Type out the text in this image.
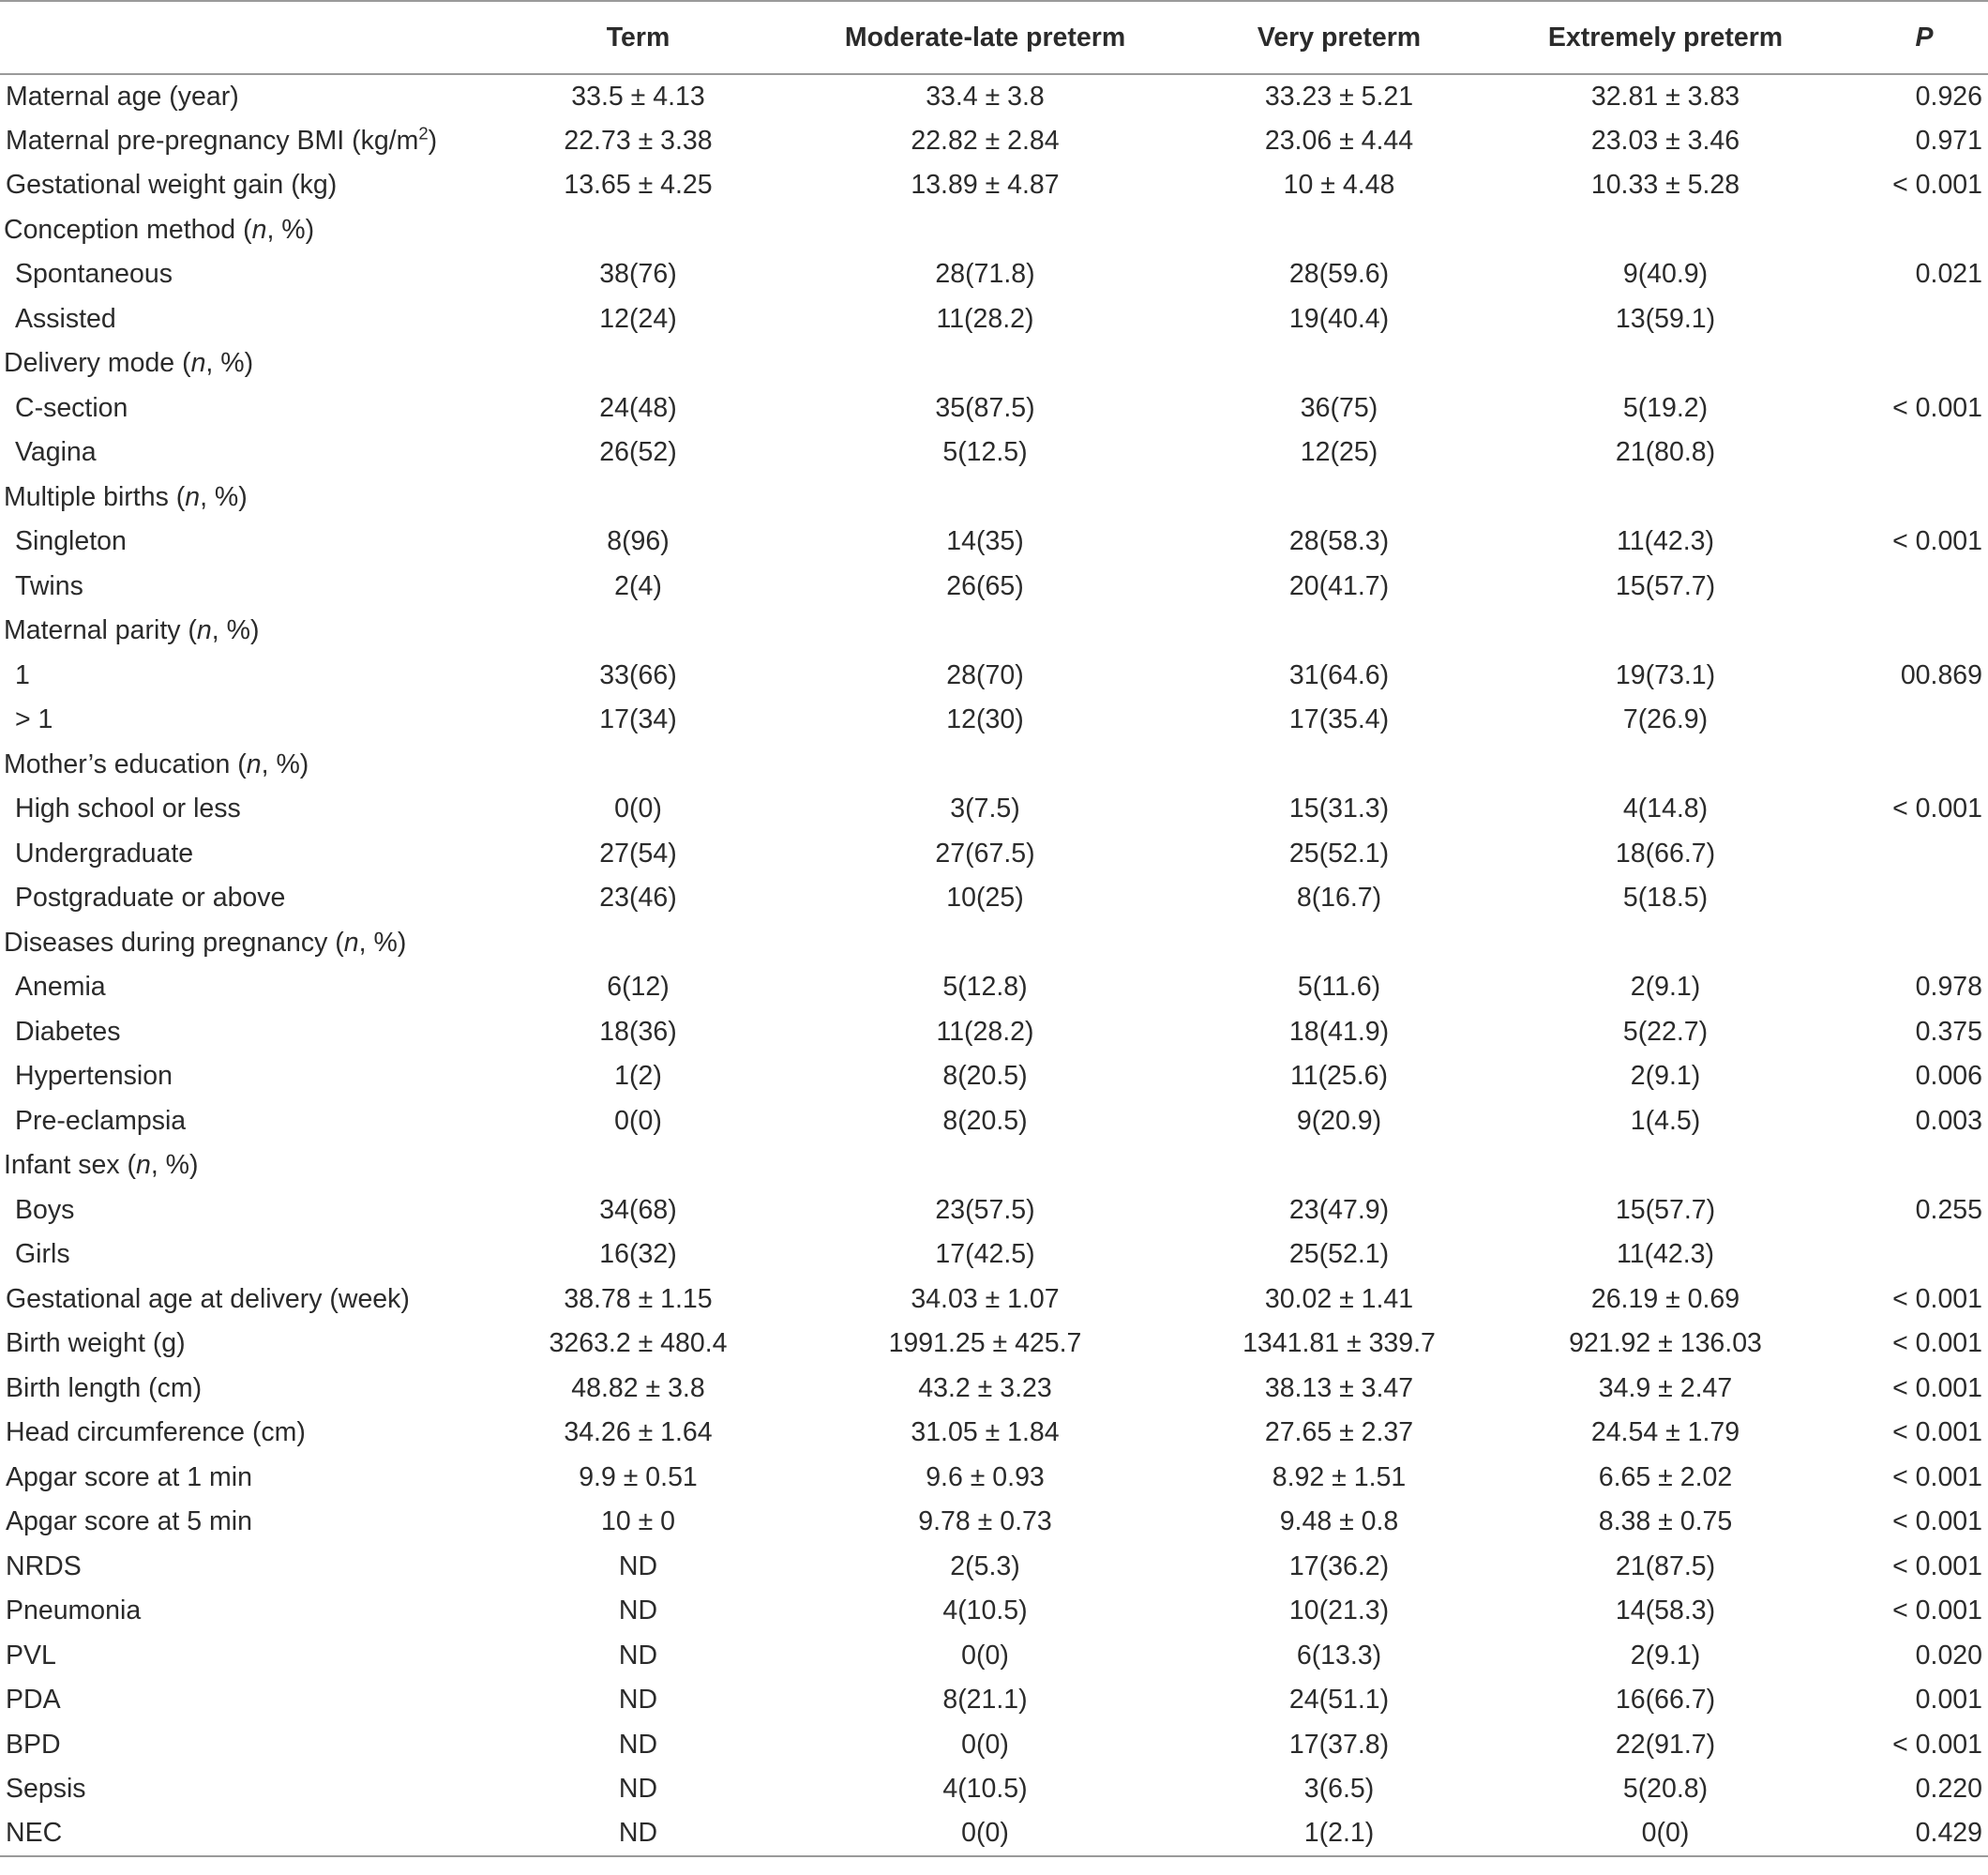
	Term	Moderate-late preterm	Very preterm	Extremely preterm	P
Maternal age (year)	33.5 ± 4.13	33.4 ± 3.8	33.23 ± 5.21	32.81 ± 3.83	0.926
Maternal pre-pregnancy BMI $(kg/m^2)$	22.73 ± 3.38	22.82 ± 2.84	23.06 ± 4.44	23.03 ± 3.46	0.971
Gestational weight gain (kg)	13.65 ± 4.25	13.89 ± 4.87	10 ± 4.48	10.33 ± 5.28	< 0.001
Conception method (n, %)					
Spontaneous	38(76)	28(71.8)	28(59.6)	9(40.9)	0.021
Assisted	12(24)	11(28.2)	19(40.4)	13(59.1)	
Delivery mode (n, %)					
C-section	24(48)	35(87.5)	36(75)	5(19.2)	< 0.001
Vagina	26(52)	5(12.5)	12(25)	21(80.8)	
Multiple births (n, %)					
Singleton	8(96)	14(35)	28(58.3)	11(42.3)	< 0.001
Twins	2(4)	26(65)	20(41.7)	15(57.7)	
Maternal parity (n, %)					
1	33(66)	28(70)	31(64.6)	19(73.1)	00.869
> 1	17(34)	12(30)	17(35.4)	7(26.9)	
Mother’s education (n, %)					
High school or less	0(0)	3(7.5)	15(31.3)	4(14.8)	< 0.001
Undergraduate	27(54)	27(67.5)	25(52.1)	18(66.7)	
Postgraduate or above	23(46)	10(25)	8(16.7)	5(18.5)	
Diseases during pregnancy (n, %)					
Anemia	6(12)	5(12.8)	5(11.6)	2(9.1)	0.978
Diabetes	18(36)	11(28.2)	18(41.9)	5(22.7)	0.375
Hypertension	1(2)	8(20.5)	11(25.6)	2(9.1)	0.006
Pre-eclampsia	0(0)	8(20.5)	9(20.9)	1(4.5)	0.003
Infant sex (n, %)					
Boys	34(68)	23(57.5)	23(47.9)	15(57.7)	0.255
Girls	16(32)	17(42.5)	25(52.1)	11(42.3)	
Gestational age at delivery (week)	38.78 ± 1.15	34.03 ± 1.07	30.02 ± 1.41	26.19 ± 0.69	< 0.001
Birth weight (g)	3263.2 ± 480.4	1991.25 ± 425.7	1341.81 ± 339.7	921.92 ± 136.03	< 0.001
Birth length (cm)	48.82 ± 3.8	43.2 ± 3.23	38.13 ± 3.47	34.9 ± 2.47	< 0.001
Head circumference (cm)	34.26 ± 1.64	31.05 ± 1.84	27.65 ± 2.37	24.54 ± 1.79	< 0.001
Apgar score at 1 min	9.9 ± 0.51	9.6 ± 0.93	8.92 ± 1.51	6.65 ± 2.02	< 0.001
Apgar score at 5 min	10 ± 0	9.78 ± 0.73	9.48 ± 0.8	8.38 ± 0.75	< 0.001
NRDS	ND	2(5.3)	17(36.2)	21(87.5)	< 0.001
Pneumonia	ND	4(10.5)	10(21.3)	14(58.3)	< 0.001
PVL	ND	0(0)	6(13.3)	2(9.1)	0.020
PDA	ND	8(21.1)	24(51.1)	16(66.7)	0.001
BPD	ND	0(0)	17(37.8)	22(91.7)	< 0.001
Sepsis	ND	4(10.5)	3(6.5)	5(20.8)	0.220
NEC	ND	0(0)	1(2.1)	0(0)	0.429
